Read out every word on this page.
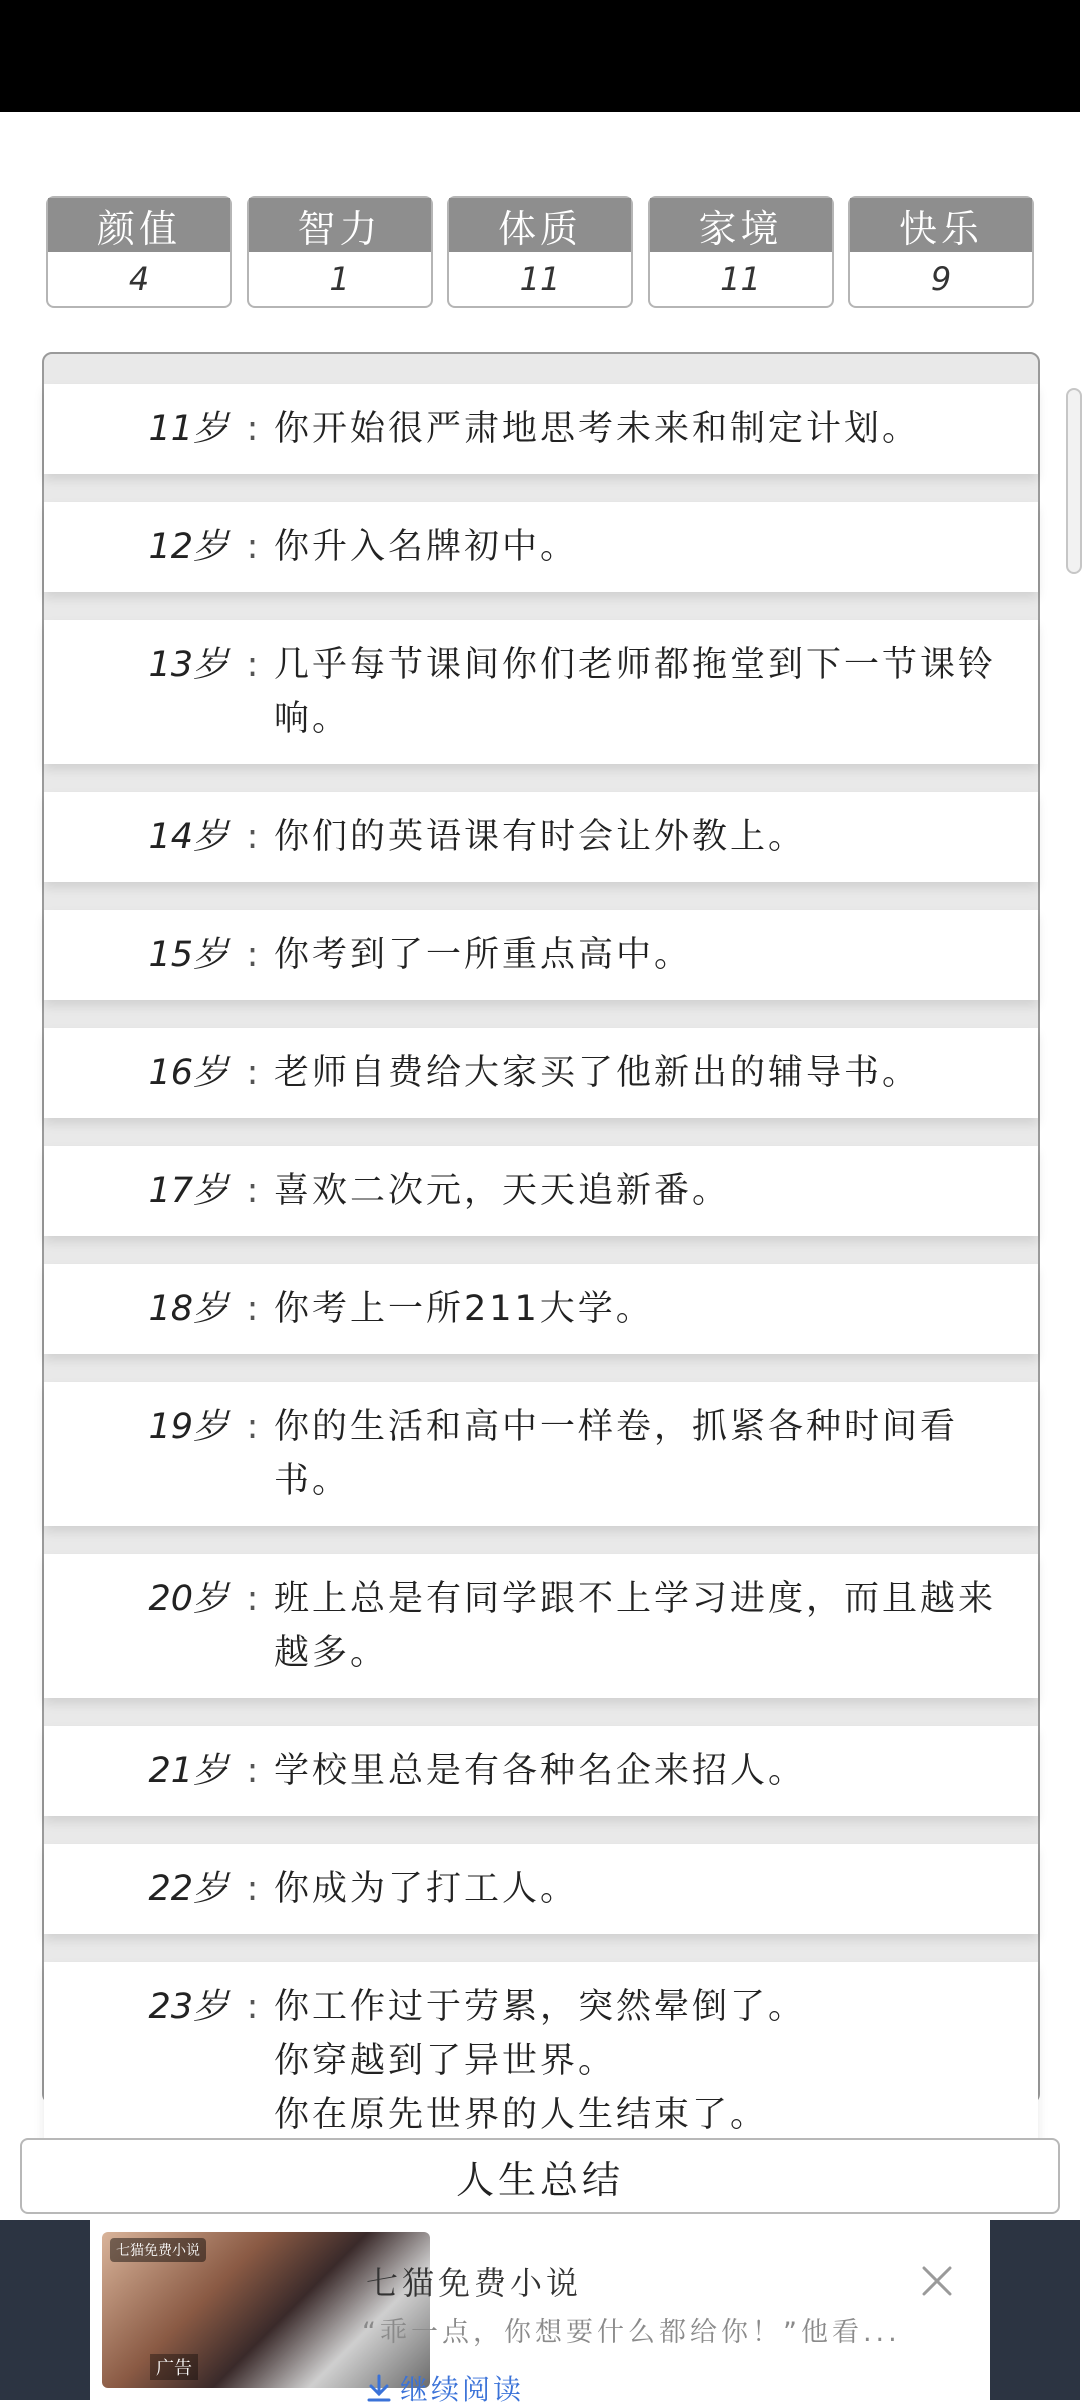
颜值
4
智力
1
体质
11
家境
11
快乐
9
11岁 : 你开始很严肃地思考未来和制定计划。
12岁 : 你升入名牌初中。
13岁 : 几乎每节课间你们老师都拖堂到下一节课铃响。
14岁 : 你们的英语课有时会让外教上。
15岁 : 你考到了一所重点高中。
16岁 : 老师自费给大家买了他新出的辅导书。
17岁 : 喜欢二次元，天天追新番。
18岁 : 你考上一所211大学。
19岁 : 你的生活和高中一样卷，抓紧各种时间看书。
20岁 : 班上总是有同学跟不上学习进度，而且越来越多。
21岁 : 学校里总是有各种名企来招人。
22岁 : 你成为了打工人。
23岁 : 你工作过于劳累，突然晕倒了。
你穿越到了异世界。
你在原先世界的人生结束了。
人生总结
七猫免费小说
广告
七猫免费小说
“乖一点，你想要什么都给你！”他看...
继续阅读
